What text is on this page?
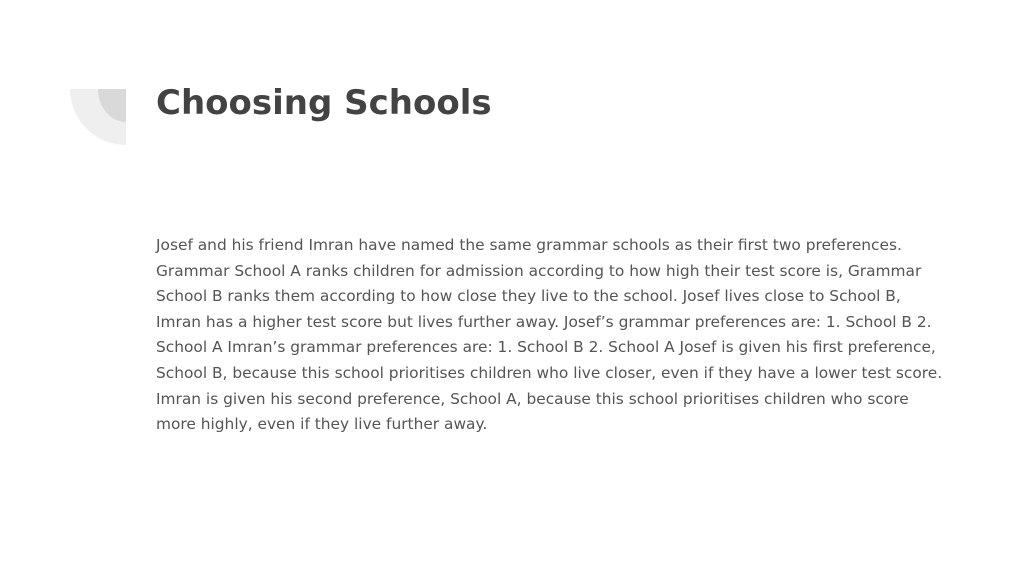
Choosing Schools

Josef and his friend Imran have named the same grammar schools as their first two preferences. Grammar School A ranks children for admission according to how high their test score is, Grammar School B ranks them according to how close they live to the school. Josef lives close to School B, Imran has a higher test score but lives further away. Josef’s grammar preferences are: 1. School B 2. School A Imran’s grammar preferences are: 1. School B 2. School A Josef is given his first preference, School B, because this school prioritises children who live closer, even if they have a lower test score. Imran is given his second preference, School A, because this school prioritises children who score more highly, even if they live further away.
